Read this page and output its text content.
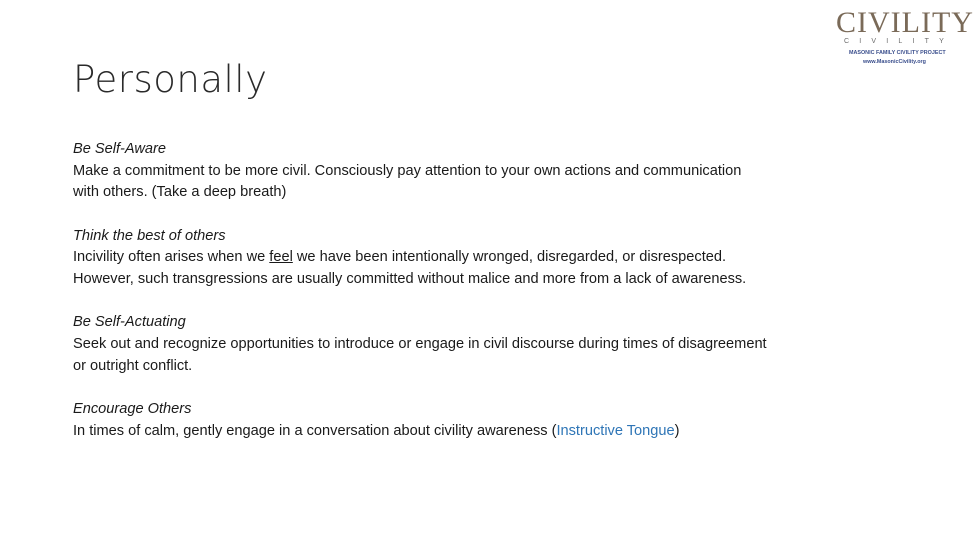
Personally
CIVILITY
CIVILITY
MASONIC FAMILY CIVILITY PROJECT
www.MasonicCivility.org
Be Self-Aware
Make a commitment to be more civil. Consciously pay attention to your own actions and communication
with others. (Take a deep breath)
Think the best of others
Incivility often arises when we feel we have been intentionally wronged, disregarded, or disrespected.
However, such transgressions are usually committed without malice and more from a lack of awareness.
Be Self-Actuating
Seek out and recognize opportunities to introduce or engage in civil discourse during times of disagreement
or outright conflict.
Encourage Others
In times of calm, gently engage in a conversation about civility awareness (Instructive Tongue)
